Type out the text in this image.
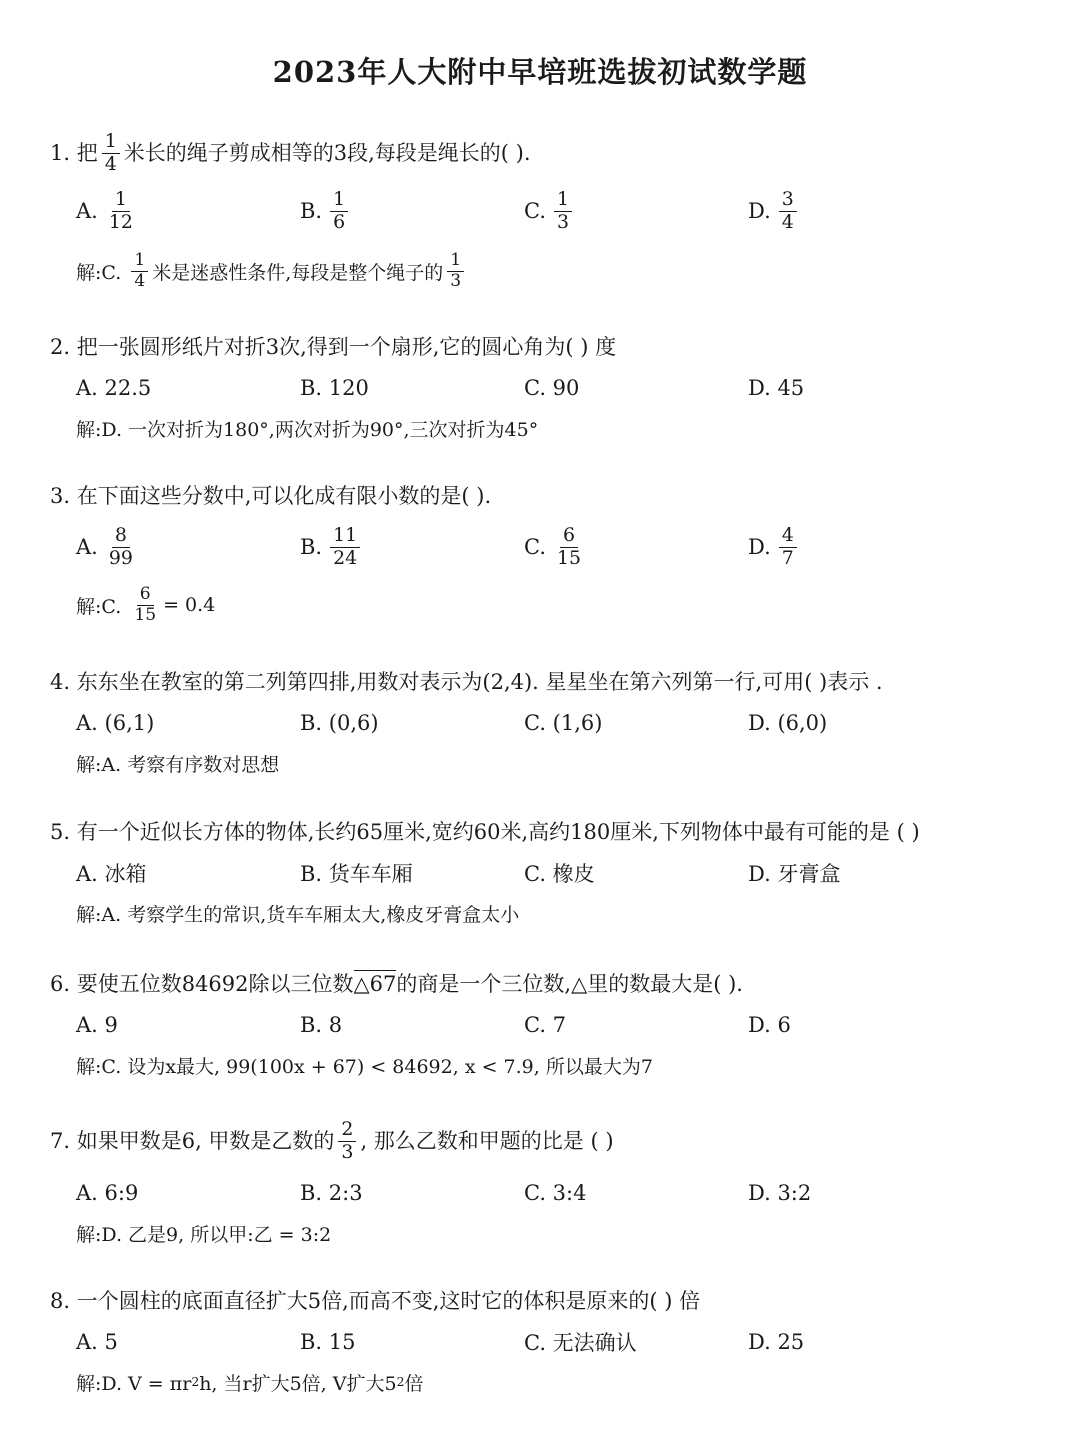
2023年人大附中早培班选拔初试数学题
1. 把 $\frac{1}{4}$ 米长的绳子剪成相等的3段,每段是绳长的( ).
A. $\frac{1}{12}$	B. $\frac{1}{6}$	C. $\frac{1}{3}$	D. $\frac{3}{4}$
解:C. $\frac{1}{4}$ 米是迷惑性条件,每段是整个绳子的 $\frac{1}{3}$
2. 把一张圆形纸片对折3次,得到一个扇形,它的圆心角为( ) 度
A. 22.5	B. 120	C. 90	D. 45
解:D. 一次对折为180°,两次对折为90°,三次对折为45°
3. 在下面这些分数中,可以化成有限小数的是( ).
A. $\frac{8}{99}$	B. $\frac{11}{24}$	C. $\frac{6}{15}$	D. $\frac{4}{7}$
解:C. $\frac{6}{15} = 0.4$
4. 东东坐在教室的第二列第四排,用数对表示为(2,4). 星星坐在第六列第一行,可用( )表示 .
A. (6,1)	B. (0,6)	C. (1,6)	D. (6,0)
解:A. 考察有序数对思想
5. 有一个近似长方体的物体,长约65厘米,宽约60米,高约180厘米,下列物体中最有可能的是 ( )
A. 冰箱	B. 货车车厢	C. 橡皮	D. 牙膏盒
解:A. 考察学生的常识,货车车厢太大,橡皮牙膏盒太小
6. 要使五位数84692除以三位数△67的商是一个三位数,△里的数最大是( ).
A. 9	B. 8	C. 7	D. 6
解:C. 设为x最大, 99(100x + 67) < 84692, x < 7.9, 所以最大为7
7. 如果甲数是6, 甲数是乙数的 $\frac{2}{3}$ , 那么乙数和甲题的比是 ( )
A. 6:9	B. 2:3	C. 3:4	D. 3:2
解:D. 乙是9, 所以甲:乙 = 3:2
8. 一个圆柱的底面直径扩大5倍,而高不变,这时它的体积是原来的( ) 倍
A. 5	B. 15	C. 无法确认	D. 25
解:D. V = πr 2 h, 当r扩大5倍, V扩大5 2 倍
